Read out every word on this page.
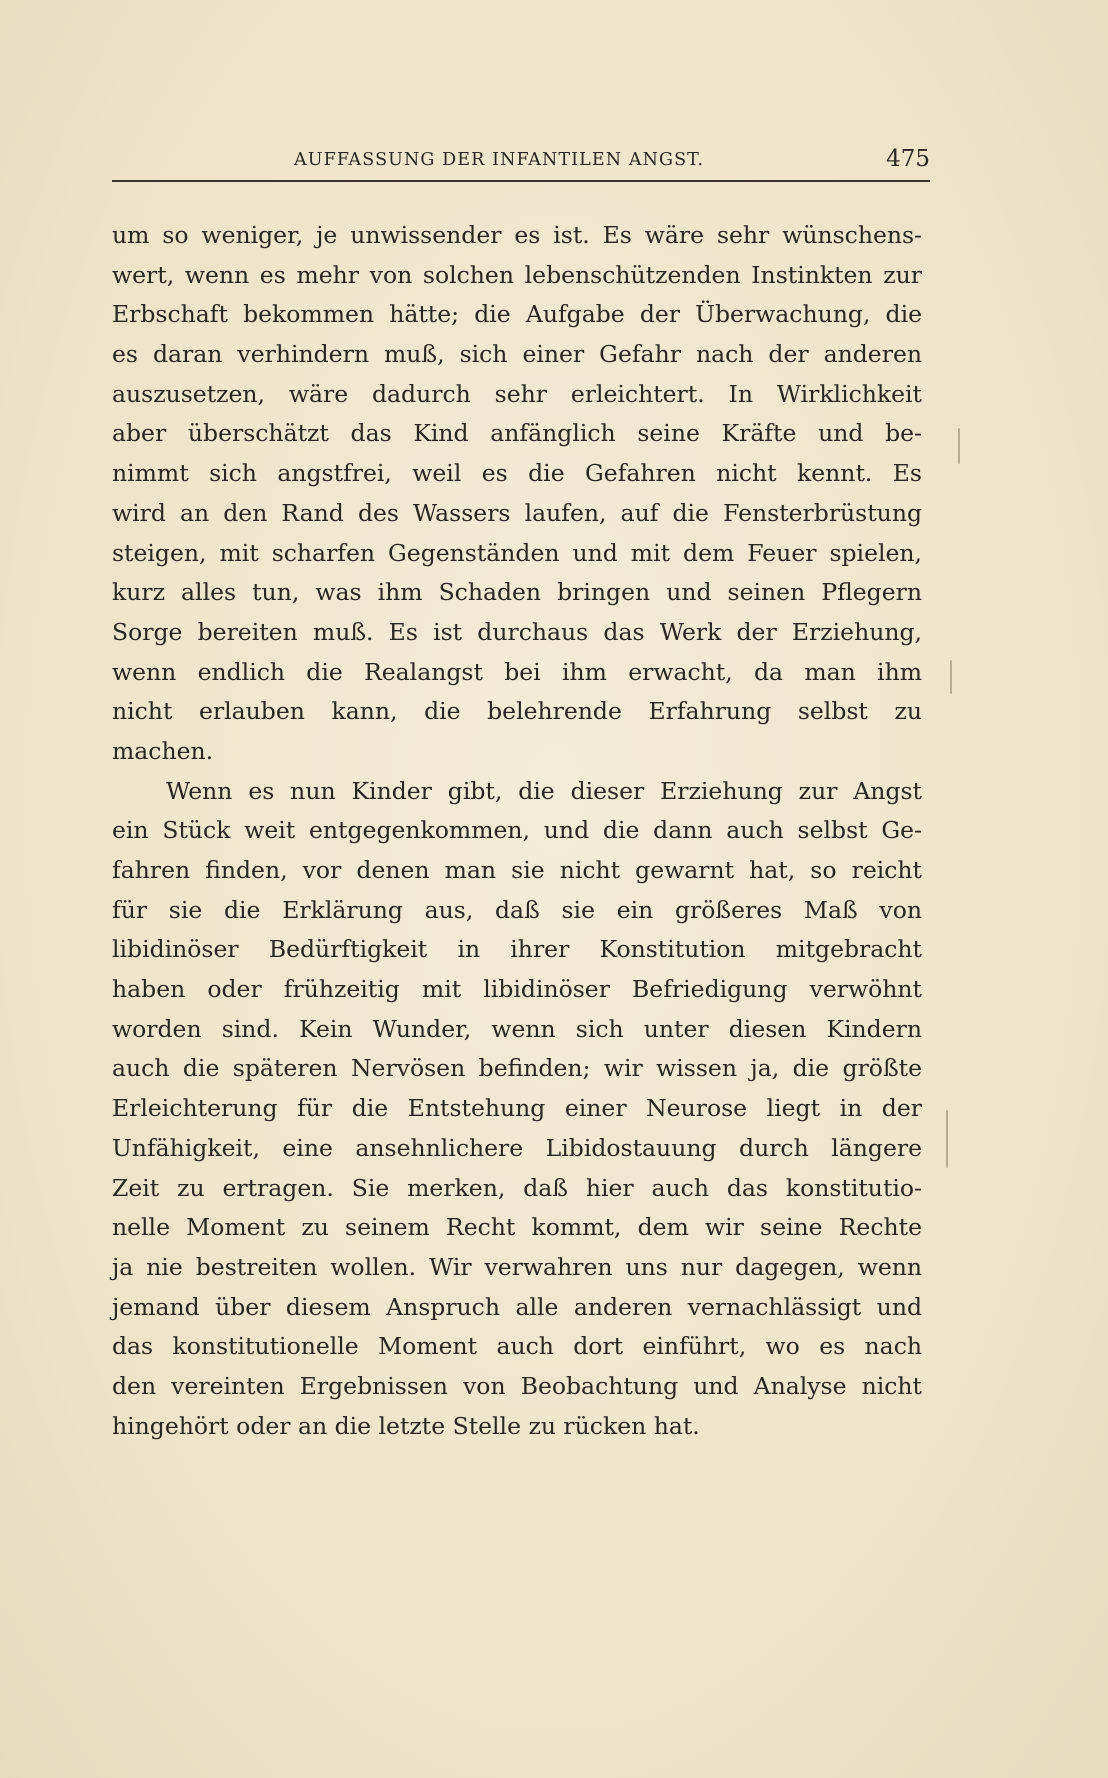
AUFFASSUNG DER INFANTILEN ANGST.	475
um so weniger, je unwissender es ist. Es wäre sehr wünschens-
wert, wenn es mehr von solchen lebenschützenden Instinkten zur
Erbschaft bekommen hätte; die Aufgabe der Überwachung, die
es daran verhindern muß, sich einer Gefahr nach der anderen
auszusetzen, wäre dadurch sehr erleichtert. In Wirklichkeit
aber überschätzt das Kind anfänglich seine Kräfte und be-
nimmt sich angstfrei, weil es die Gefahren nicht kennt. Es
wird an den Rand des Wassers laufen, auf die Fensterbrüstung
steigen, mit scharfen Gegenständen und mit dem Feuer spielen,
kurz alles tun, was ihm Schaden bringen und seinen Pflegern
Sorge bereiten muß. Es ist durchaus das Werk der Erziehung,
wenn endlich die Realangst bei ihm erwacht, da man ihm
nicht erlauben kann, die belehrende Erfahrung selbst zu
machen.
Wenn es nun Kinder gibt, die dieser Erziehung zur Angst
ein Stück weit entgegenkommen, und die dann auch selbst Ge-
fahren finden, vor denen man sie nicht gewarnt hat, so reicht
für sie die Erklärung aus, daß sie ein größeres Maß von
libidinöser Bedürftigkeit in ihrer Konstitution mitgebracht
haben oder frühzeitig mit libidinöser Befriedigung verwöhnt
worden sind. Kein Wunder, wenn sich unter diesen Kindern
auch die späteren Nervösen befinden; wir wissen ja, die größte
Erleichterung für die Entstehung einer Neurose liegt in der
Unfähigkeit, eine ansehnlichere Libidostauung durch längere
Zeit zu ertragen. Sie merken, daß hier auch das konstitutio-
nelle Moment zu seinem Recht kommt, dem wir seine Rechte
ja nie bestreiten wollen. Wir verwahren uns nur dagegen, wenn
jemand über diesem Anspruch alle anderen vernachlässigt und
das konstitutionelle Moment auch dort einführt, wo es nach
den vereinten Ergebnissen von Beobachtung und Analyse nicht
hingehört oder an die letzte Stelle zu rücken hat.
